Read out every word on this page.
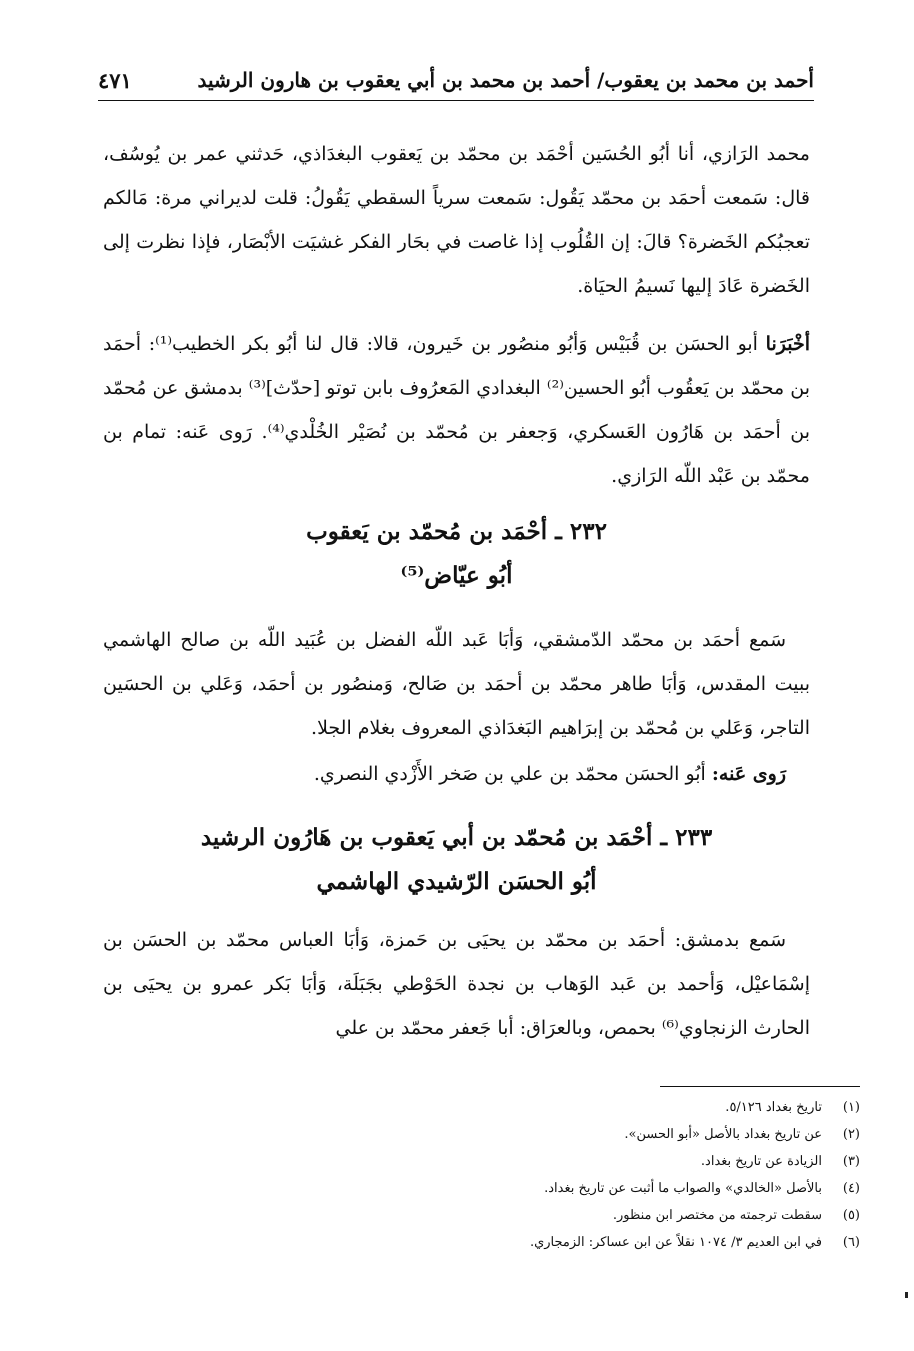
أحمد بن محمد بن يعقوب/ أحمد بن محمد بن أبي يعقوب بن هارون الرشيد
٤٧١

محمد الرَازي، أنا أبُو الحُسَين أحْمَد بن محمّد بن يَعقوب البغدَاذي، حَدثني عمر بن يُوسُف، قال: سَمعت أحمَد بن محمّد يَقُول: سَمعت سرياً السقطي يَقُولُ: قلت لديراني مرة: مَالكم تعجبُكم الخَضرة؟ قالَ: إن القُلُوب إذا غاصت في بحَار الفكر غشيَت الأبْصَار، فإذا نظرت إلى الخَضرة عَادَ إليها نَسيمُ الحيَاة.

أخْبَرَنا أبو الحسَن بن قُبَيْس وَأبُو منصُور بن خَيرون، قالا: قال لنا أبُو بكر الخطيب⁽¹⁾: أحمَد بن محمّد بن يَعقُوب أبُو الحسين⁽²⁾ البغدادي المَعرُوف بابن توتو [حدّث]⁽³⁾ بدمشق عن مُحمّد بن أحمَد بن هَارُون العَسكري، وَجعفر بن مُحمّد بن نُصَيْر الخُلْدي⁽⁴⁾. رَوى عَنه: تمام بن محمّد بن عَبْد اللّه الرَازي.

٢٣٢ ـ أحْمَد بن مُحمّد بن يَعقوب
أبُو عيّاض⁽⁵⁾

سَمع أحمَد بن محمّد الدّمشقي، وَأبَا عَبد اللّه الفضل بن عُبَيد اللّه بن صالح الهاشمي ببيت المقدس، وَأبَا طاهر محمّد بن أحمَد بن صَالح، وَمنصُور بن أحمَد، وَعَلي بن الحسَين التاجر، وَعَلي بن مُحمّد بن إبرَاهيم البَغدَاذي المعروف بغلام الجلا.

رَوى عَنه: أبُو الحسَن محمّد بن علي بن صَخر الأَزْدي النصري.

٢٣٣ ـ أحْمَد بن مُحمّد بن أبي يَعقوب بن هَارُون الرشيد
أبُو الحسَن الرّشيدي الهاشمي

سَمع بدمشق: أحمَد بن محمّد بن يحيَى بن حَمزة، وَأبَا العباس محمّد بن الحسَن بن إسْمَاعيْل، وَأحمد بن عَبد الوَهاب بن نجدة الحَوْطي بجَبَلَة، وَأبَا بَكر عمرو بن يحيَى بن الحارث الزنجاوي⁽⁶⁾ بحمص، وبالعرَاق: أبا جَعفر محمّد بن علي

(١)
تاريخ بغداد ٥/١٢٦.
(٢)
عن تاريخ بغداد بالأصل «أبو الحسن».
(٣)
الزيادة عن تاريخ بغداد.
(٤)
بالأصل «الخالدي» والصواب ما أثبت عن تاريخ بغداد.
(٥)
سقطت ترجمته من مختصر ابن منظور.
(٦)
في ابن العديم ٣/ ١٠٧٤ نقلاً عن ابن عساكر: الزمجاري.
